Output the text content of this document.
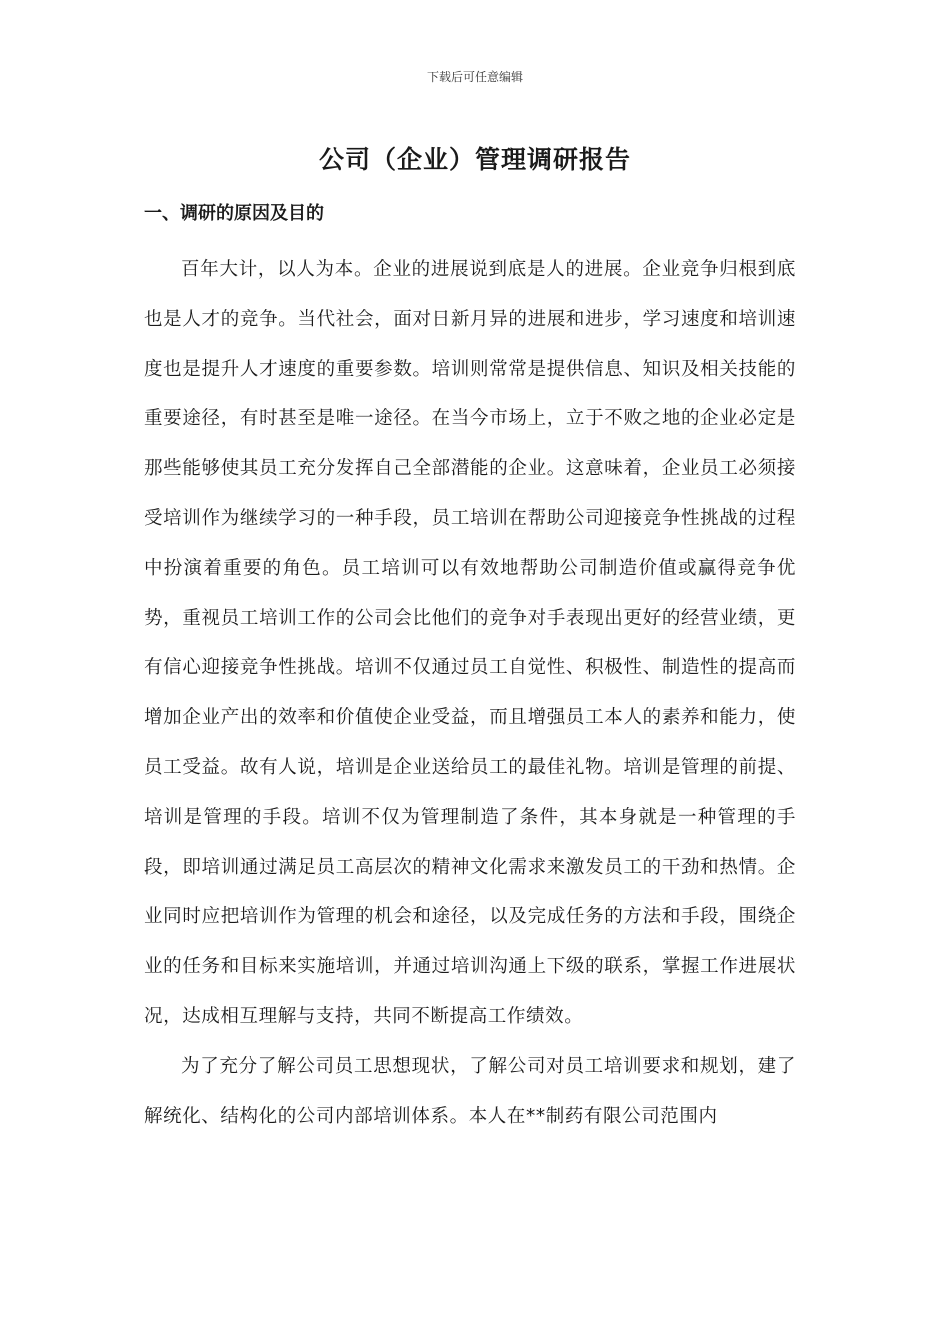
下载后可任意编辑
公司（企业）管理调研报告
一、调研的原因及目的

百年大计，以人为本。企业的进展说到底是人的进展。企业竞争归根到底也是人才的竞争。当代社会，面对日新月异的进展和进步，学习速度和培训速度也是提升人才速度的重要参数。培训则常常是提供信息、知识及相关技能的重要途径，有时甚至是唯一途径。在当今市场上，立于不败之地的企业必定是那些能够使其员工充分发挥自己全部潜能的企业。这意味着，企业员工必须接受培训作为继续学习的一种手段，员工培训在帮助公司迎接竞争性挑战的过程中扮演着重要的角色。员工培训可以有效地帮助公司制造价值或赢得竞争优势，重视员工培训工作的公司会比他们的竞争对手表现出更好的经营业绩，更有信心迎接竞争性挑战。培训不仅通过员工自觉性、积极性、制造性的提高而增加企业产出的效率和价值使企业受益，而且增强员工本人的素养和能力，使员工受益。故有人说，培训是企业送给员工的最佳礼物。培训是管理的前提、培训是管理的手段。培训不仅为管理制造了条件，其本身就是一种管理的手段，即培训通过满足员工高层次的精神文化需求来激发员工的干劲和热情。企业同时应把培训作为管理的机会和途径，以及完成任务的方法和手段，围绕企业的任务和目标来实施培训，并通过培训沟通上下级的联系，掌握工作进展状况，达成相互理解与支持，共同不断提高工作绩效。

为了充分了解公司员工思想现状，了解公司对员工培训要求和规划，建了解统化、结构化的公司内部培训体系。本人在**制药有限公司范围内
